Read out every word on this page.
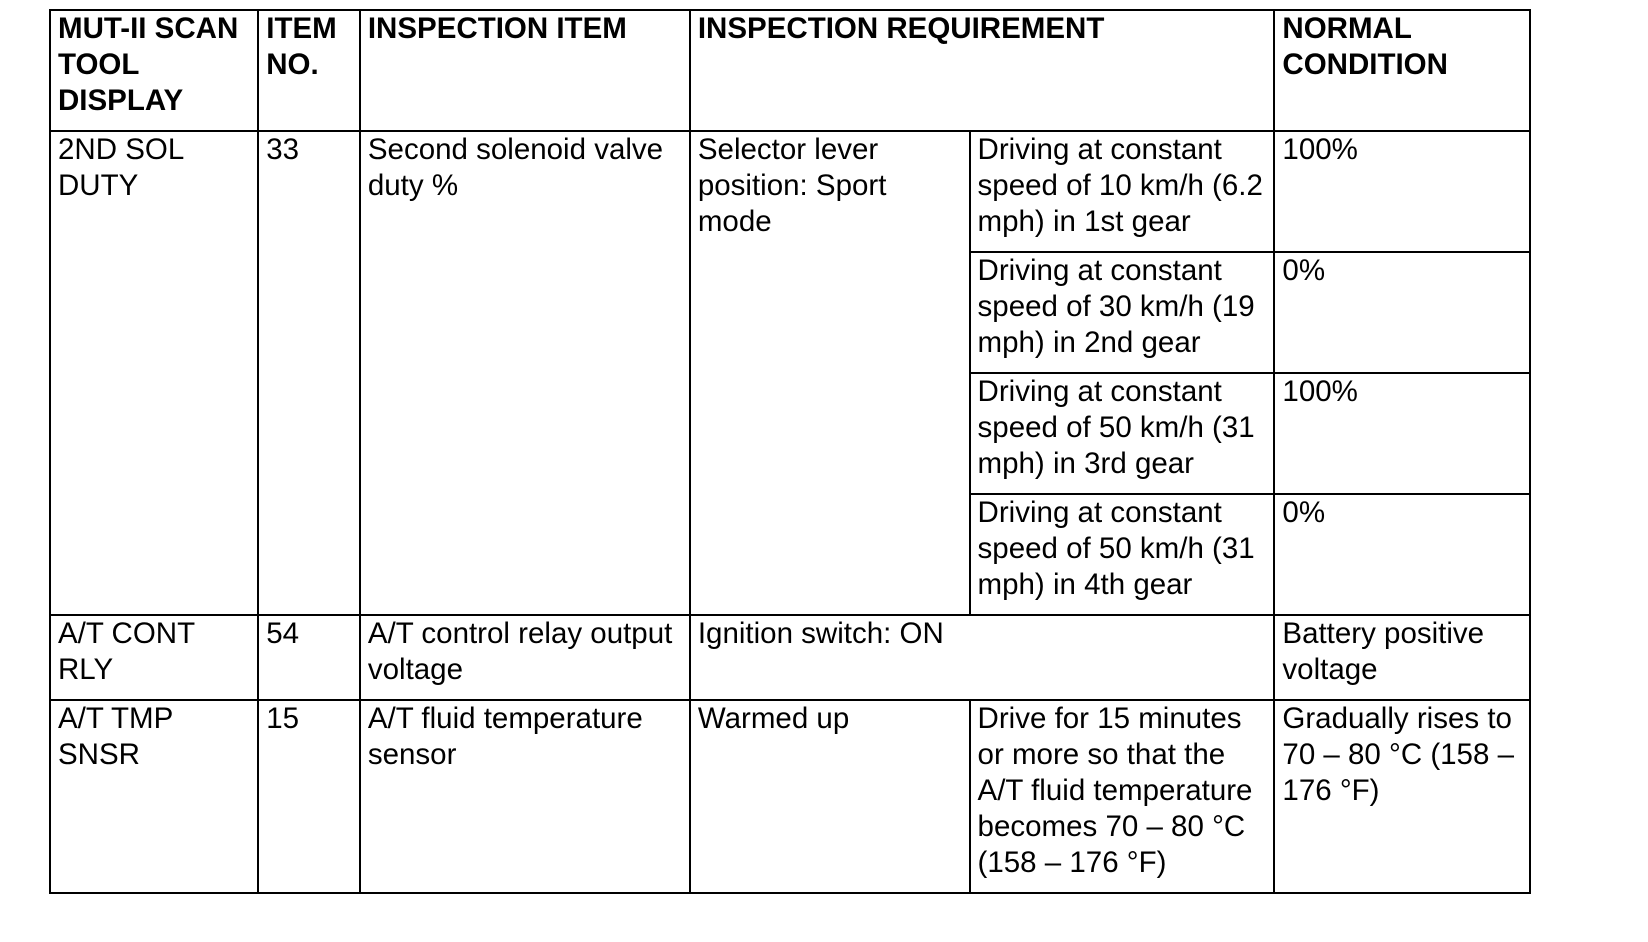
MUT-II SCAN TOOL DISPLAY	ITEM NO.	INSPECTION ITEM	INSPECTION REQUIREMENT		NORMAL CONDITION
2ND SOL DUTY	33	Second solenoid valve duty %	Selector lever position: Sport mode	Driving at constant speed of 10 km/h (6.2 mph) in 1st gear	100%
				Driving at constant speed of 30 km/h (19 mph) in 2nd gear	0%
				Driving at constant speed of 50 km/h (31 mph) in 3rd gear	100%
				Driving at constant speed of 50 km/h (31 mph) in 4th gear	0%
A/T CONT RLY	54	A/T control relay output voltage	Ignition switch: ON		Battery positive voltage
A/T TMP SNSR	15	A/T fluid temperature sensor	Warmed up	Drive for 15 minutes or more so that the A/T fluid temperature becomes 70 – 80 °C (158 – 176 °F)	Gradually rises to 70 – 80 °C (158 – 176 °F)
